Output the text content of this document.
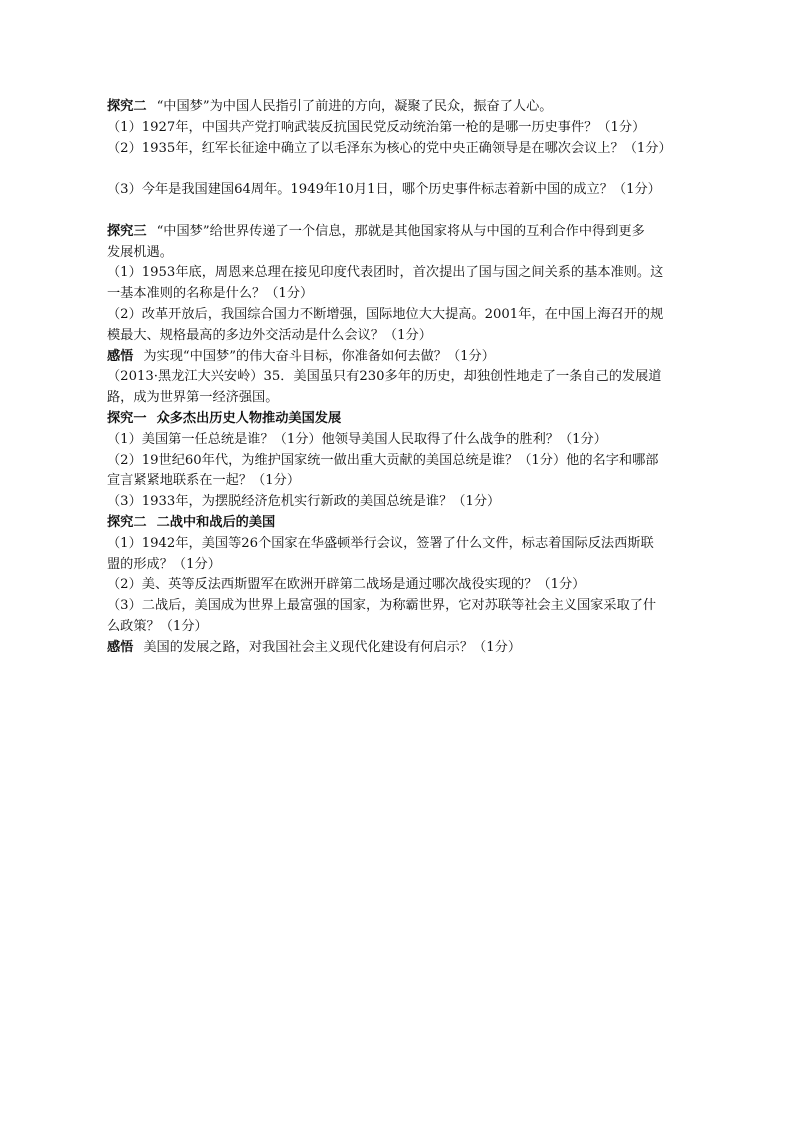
探究二 “中国梦”为中国人民指引了前进的方向，凝聚了民众，振奋了人心。
（1）1927年，中国共产党打响武装反抗国民党反动统治第一枪的是哪一历史事件？（1分）
（2）1935年，红军长征途中确立了以毛泽东为核心的党中央正确领导是在哪次会议上？（1分）
（3）今年是我国建国64周年。1949年10月1日，哪个历史事件标志着新中国的成立？（1分）
探究三 “中国梦”给世界传递了一个信息，那就是其他国家将从与中国的互利合作中得到更多
发展机遇。
（1）1953年底，周恩来总理在接见印度代表团时，首次提出了国与国之间关系的基本准则。这
一基本准则的名称是什么？（1分）
（2）改革开放后，我国综合国力不断增强，国际地位大大提高。2001年，在中国上海召开的规
模最大、规格最高的多边外交活动是什么会议？（1分）
感悟 为实现“中国梦”的伟大奋斗目标，你准备如何去做？（1分）
（2013·黑龙江大兴安岭）35．美国虽只有230多年的历史，却独创性地走了一条自己的发展道
路，成为世界第一经济强国。
探究一 众多杰出历史人物推动美国发展
（1）美国第一任总统是谁？（1分）他领导美国人民取得了什么战争的胜利？（1分）
（2）19世纪60年代，为维护国家统一做出重大贡献的美国总统是谁？（1分）他的名字和哪部
宣言紧紧地联系在一起？（1分）
（3）1933年，为摆脱经济危机实行新政的美国总统是谁？（1分）
探究二 二战中和战后的美国
（1）1942年，美国等26个国家在华盛顿举行会议，签署了什么文件，标志着国际反法西斯联
盟的形成？（1分）
（2）美、英等反法西斯盟军在欧洲开辟第二战场是通过哪次战役实现的？（1分）
（3）二战后，美国成为世界上最富强的国家，为称霸世界，它对苏联等社会主义国家采取了什
么政策？（1分）
感悟 美国的发展之路，对我国社会主义现代化建设有何启示？（1分）
